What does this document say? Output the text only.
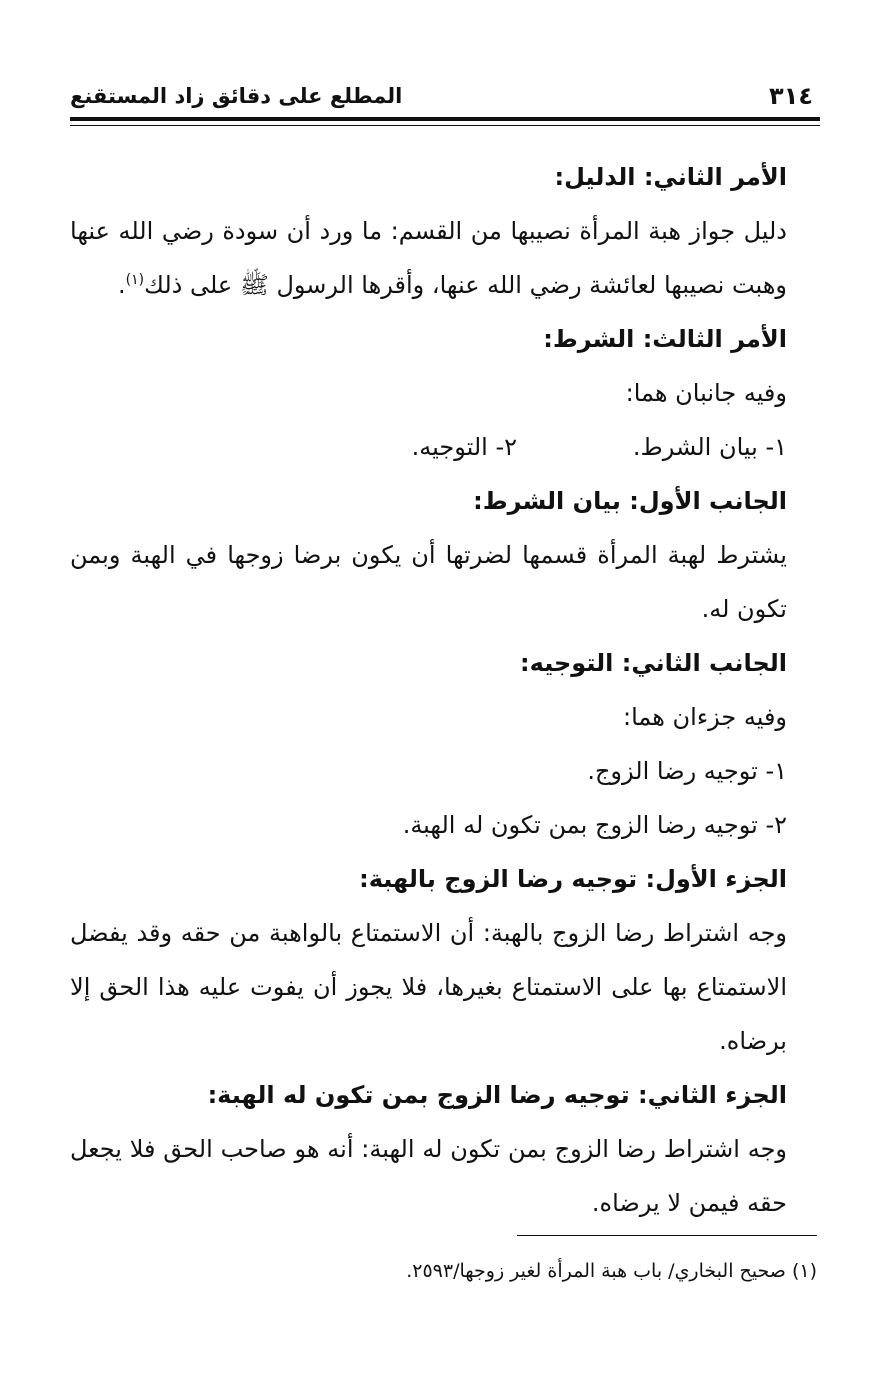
٣١٤
المطلع على دقائق زاد المستقنع

الأمر الثاني: الدليل:

دليل جواز هبة المرأة نصيبها من القسم: ما ورد أن سودة رضي الله عنها وهبت نصيبها لعائشة رضي الله عنها، وأقرها الرسول ﷺ على ذلك$^{(١)}$.

الأمر الثالث: الشرط:

وفيه جانبان هما:

١- بيان الشرط.
٢- التوجيه.

الجانب الأول: بيان الشرط:

يشترط لهبة المرأة قسمها لضرتها أن يكون برضا زوجها في الهبة وبمن تكون له.

الجانب الثاني: التوجيه:

وفيه جزءان هما:

١- توجيه رضا الزوج.

٢- توجيه رضا الزوج بمن تكون له الهبة.

الجزء الأول: توجيه رضا الزوج بالهبة:

وجه اشتراط رضا الزوج بالهبة: أن الاستمتاع بالواهبة من حقه وقد يفضل الاستمتاع بها على الاستمتاع بغيرها، فلا يجوز أن يفوت عليه هذا الحق إلا برضاه.

الجزء الثاني: توجيه رضا الزوج بمن تكون له الهبة:

وجه اشتراط رضا الزوج بمن تكون له الهبة: أنه هو صاحب الحق فلا يجعل حقه فيمن لا يرضاه.

(١) صحيح البخاري/ باب هبة المرأة لغير زوجها/٢٥٩٣.
